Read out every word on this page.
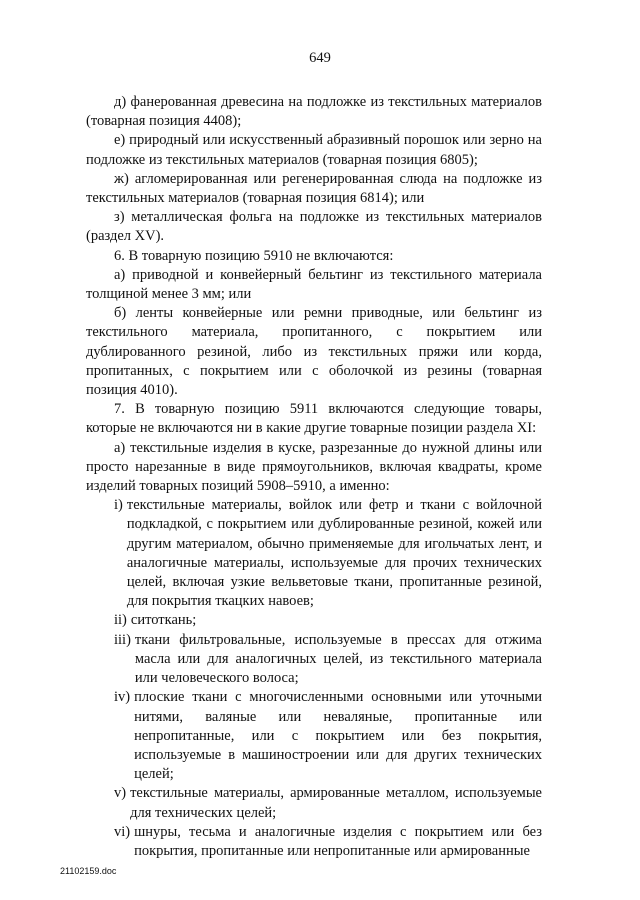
649

д) фанерованная древесина на подложке из текстильных материалов (товарная позиция 4408);

е) природный или искусственный абразивный порошок или зерно на подложке из текстильных материалов (товарная позиция 6805);

ж) агломерированная или регенерированная слюда на подложке из текстильных материалов (товарная позиция 6814); или

з) металлическая фольга на подложке из текстильных материалов (раздел XV).

6. В товарную позицию 5910 не включаются:

а) приводной и конвейерный бельтинг из текстильного материала толщиной менее 3 мм; или

б) ленты конвейерные или ремни приводные, или бельтинг из текстильного материала, пропитанного, с покрытием или дублированного резиной, либо из текстильных пряжи или корда, пропитанных, с покрытием или с оболочкой из резины (товарная позиция 4010).

7. В товарную позицию 5911 включаются следующие товары, которые не включаются ни в какие другие товарные позиции раздела XI:

а) текстильные изделия в куске, разрезанные до нужной длины или просто нарезанные в виде прямоугольников, включая квадраты, кроме изделий товарных позиций 5908–5910, а именно:

i) текстильные материалы, войлок или фетр и ткани с войлочной подкладкой, с покрытием или дублированные резиной, кожей или другим материалом, обычно применяемые для игольчатых лент, и аналогичные материалы, используемые для прочих технических целей, включая узкие вельветовые ткани, пропитанные резиной, для покрытия ткацких навоев;

ii) ситоткань;

iii) ткани фильтровальные, используемые в прессах для отжима масла или для аналогичных целей, из текстильного материала или человеческого волоса;

iv) плоские ткани с многочисленными основными или уточными нитями, валяные или неваляные, пропитанные или непропитанные, или с покрытием или без покрытия, используемые в машиностроении или для других технических целей;

v) текстильные материалы, армированные металлом, используемые для технических целей;

vi) шнуры, тесьма и аналогичные изделия с покрытием или без покрытия, пропитанные или непропитанные или армированные

21102159.doc
